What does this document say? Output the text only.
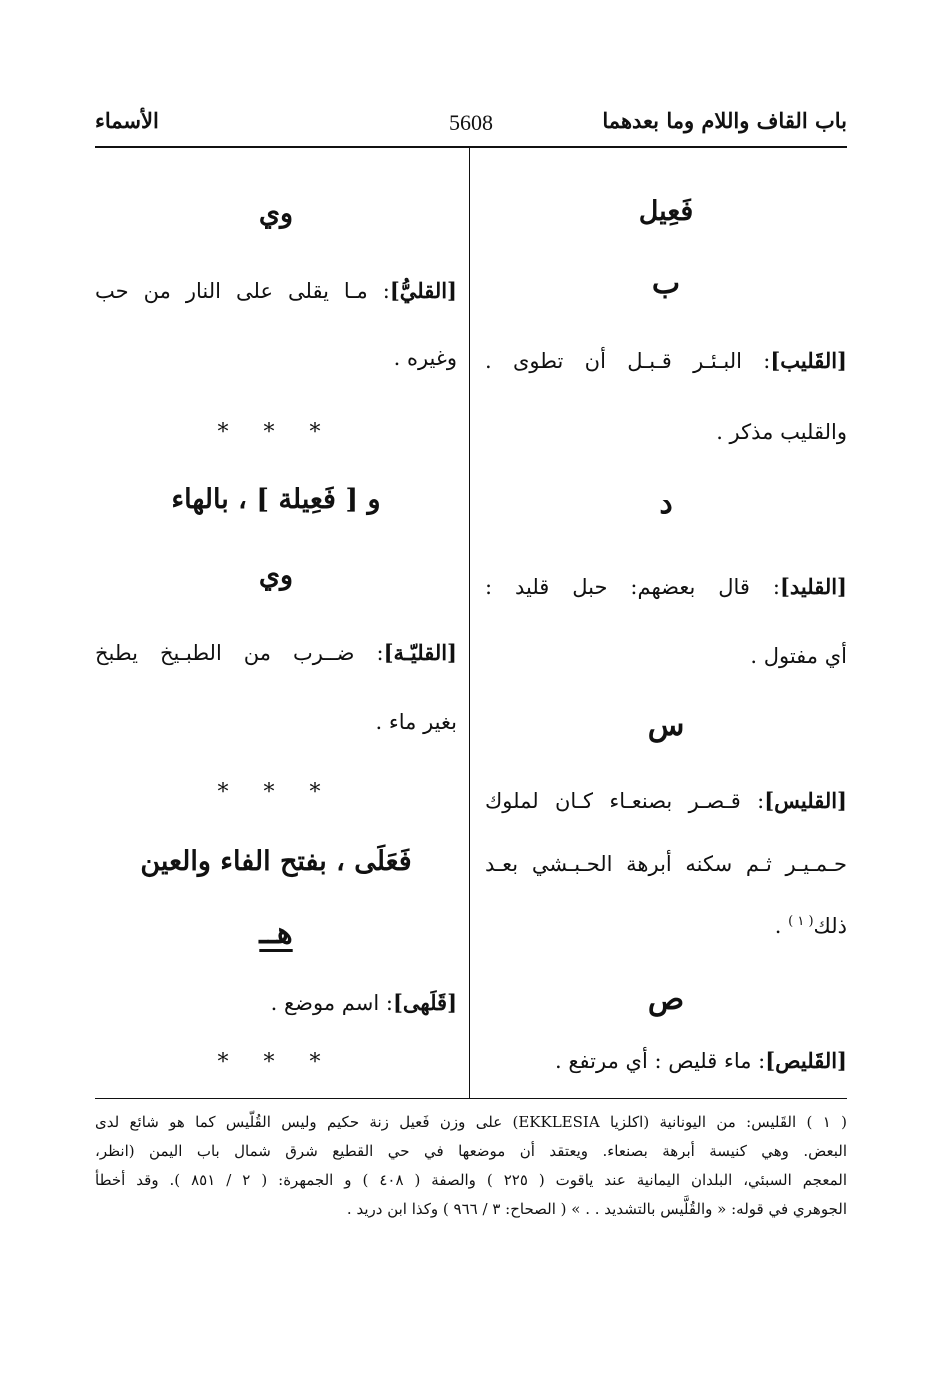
باب القاف واللام وما بعدهما
5608
الأسماء
فَعِيل
ب
[القَليب]: البـئـر قـبـل أن تطوى .
والقليب مذكر .
د
[القليد]: قال بعضهم: حبل قليد :
أي مفتول .
س
[القليس]: قـصـر بصنعـاء كـان لملوك
حـمـيـر ثـم سكنه أبرهة الحـبـشي بعـد
ذلك$^{( ١ )}$ .
ص
[القَليص]: ماء قليص : أي مرتفع .
وي
[القليُّ]: مـا يقلى على النار من حب
وغيره .
* * *
و [ فَعِيلة ] ، بالهاء
وي
[القليّـة]: ضــرب من الطبـيخ يطبخ
بغير ماء .
* * *
فَعَلَى ، بفتح الفاء والعين
هــ
[قَلَهى]: اسم موضع .
* * *
( ١ ) القَليس: من اليونانية (اكلزيا EKKLESIA) على وزن فَعيل زنة حكيم وليس القُلّيس كما هو شائع لدى
البعض. وهي كنيسة أبرهة بصنعاء. ويعتقد أن موضعها في حي القطيع شرق شمال باب اليمن (انظر،
المعجم السبئي، البلدان اليمانية عند ياقوت ( ٢٢٥ ) والصفة ( ٤٠٨ ) و الجمهرة: ( ٢ / ٨٥١ ). وقد أخطأ
الجوهري في قوله: « والقُلَّيس بالتشديد . . » ( الصحاح: ٣ / ٩٦٦ ) وكذا ابن دريد .
